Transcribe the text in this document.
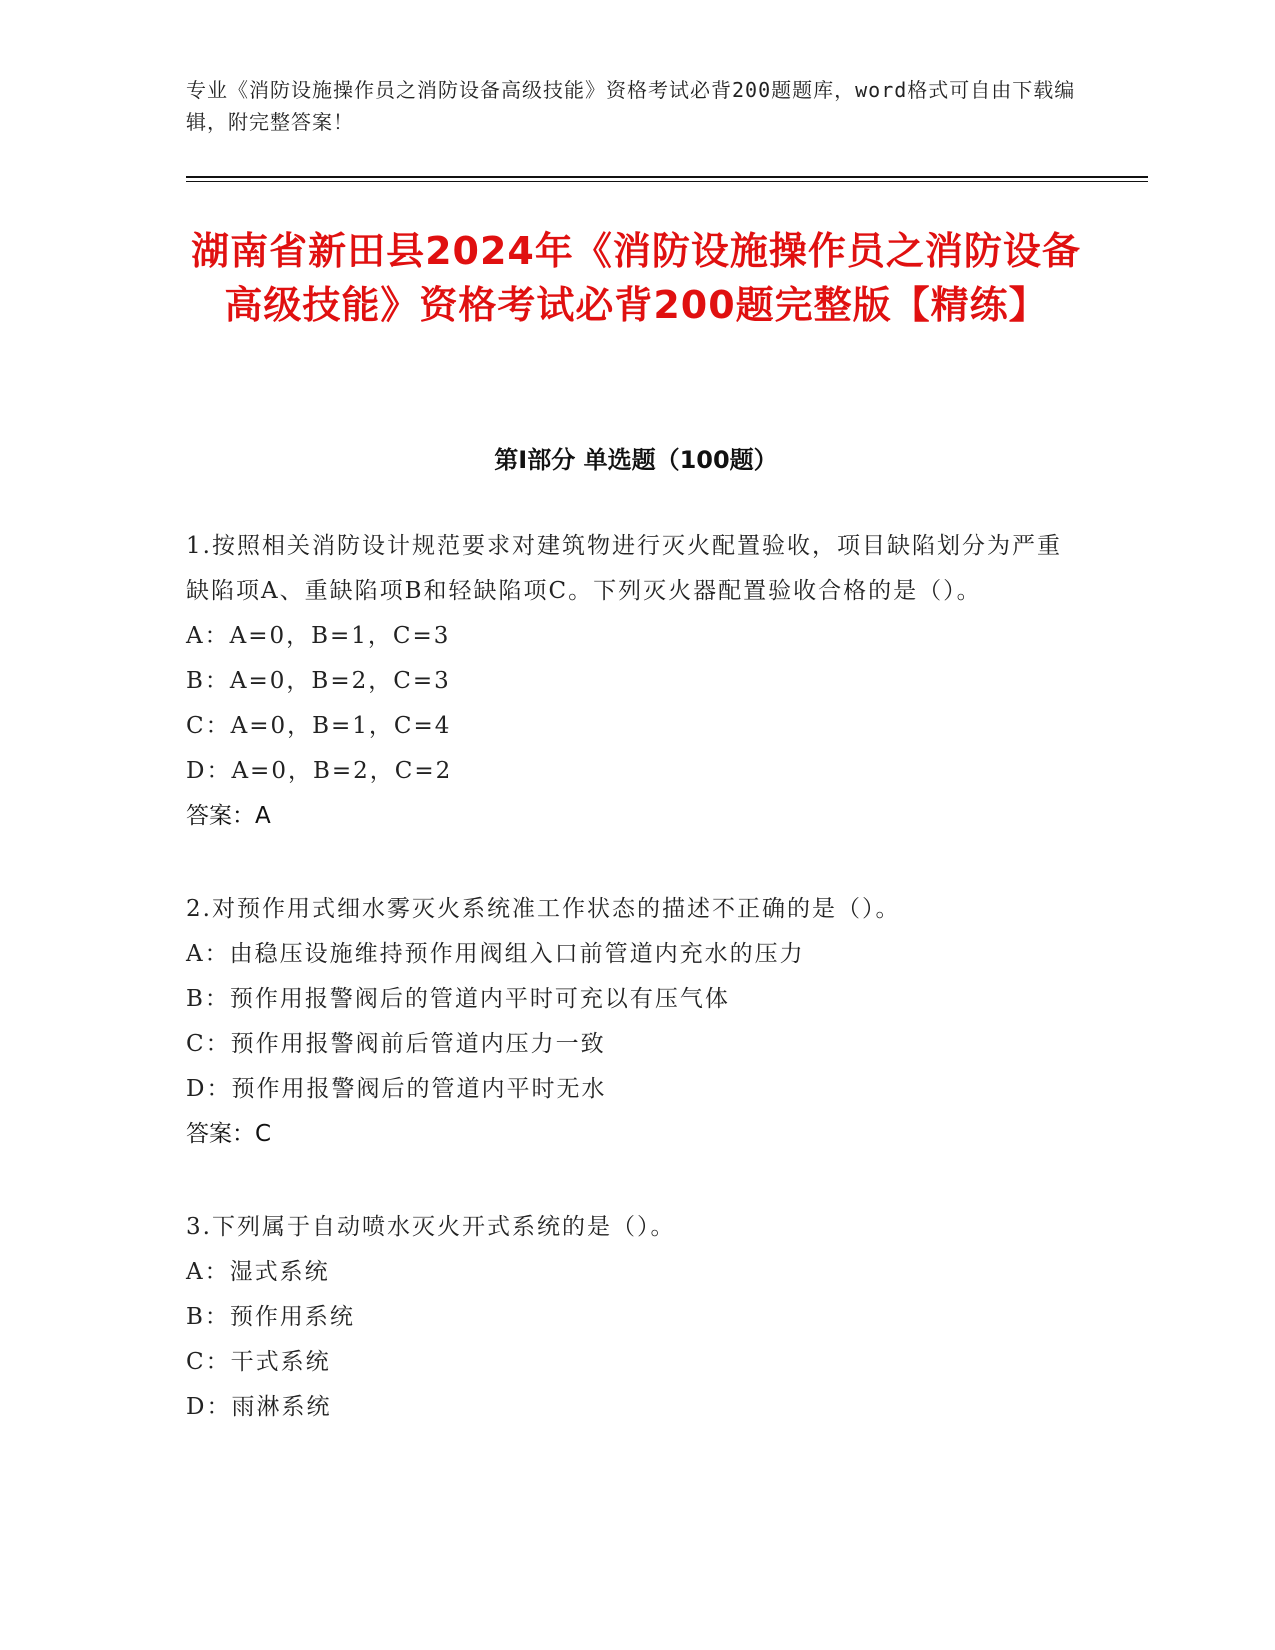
专业《消防设施操作员之消防设备高级技能》资格考试必背200题题库，word格式可自由下载编辑，附完整答案！
湖南省新田县2024年《消防设施操作员之消防设备高级技能》资格考试必背200题完整版【精练】
第Ⅰ部分 单选题（100题）
1.按照相关消防设计规范要求对建筑物进行灭火配置验收，项目缺陷划分为严重缺陷项A、重缺陷项B和轻缺陷项C。下列灭火器配置验收合格的是（）。
A：A=0，B=1，C=3
B：A=0，B=2，C=3
C：A=0，B=1，C=4
D：A=0，B=2，C=2
答案：A
2.对预作用式细水雾灭火系统准工作状态的描述不正确的是（）。
A：由稳压设施维持预作用阀组入口前管道内充水的压力
B：预作用报警阀后的管道内平时可充以有压气体
C：预作用报警阀前后管道内压力一致
D：预作用报警阀后的管道内平时无水
答案：C
3.下列属于自动喷水灭火开式系统的是（）。
A：湿式系统
B：预作用系统
C：干式系统
D：雨淋系统
